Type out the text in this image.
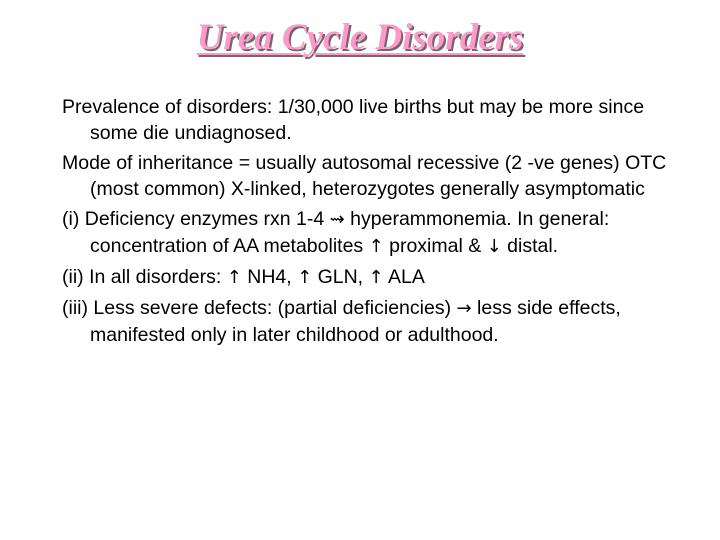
Urea Cycle Disorders

Prevalence of disorders: 1/30,000 live births but may be more since some die undiagnosed.

Mode of inheritance = usually autosomal recessive (2 -ve genes) OTC (most common) X-linked, heterozygotes generally asymptomatic

(i) Deficiency enzymes rxn 1-4 ⇝ hyperammonemia. In general: concentration of AA metabolites ↑ proximal & ↓ distal.

(ii) In all disorders: ↑ NH4, ↑ GLN, ↑ ALA

(iii) Less severe defects: (partial deficiencies) → less side effects, manifested only in later childhood or adulthood.
